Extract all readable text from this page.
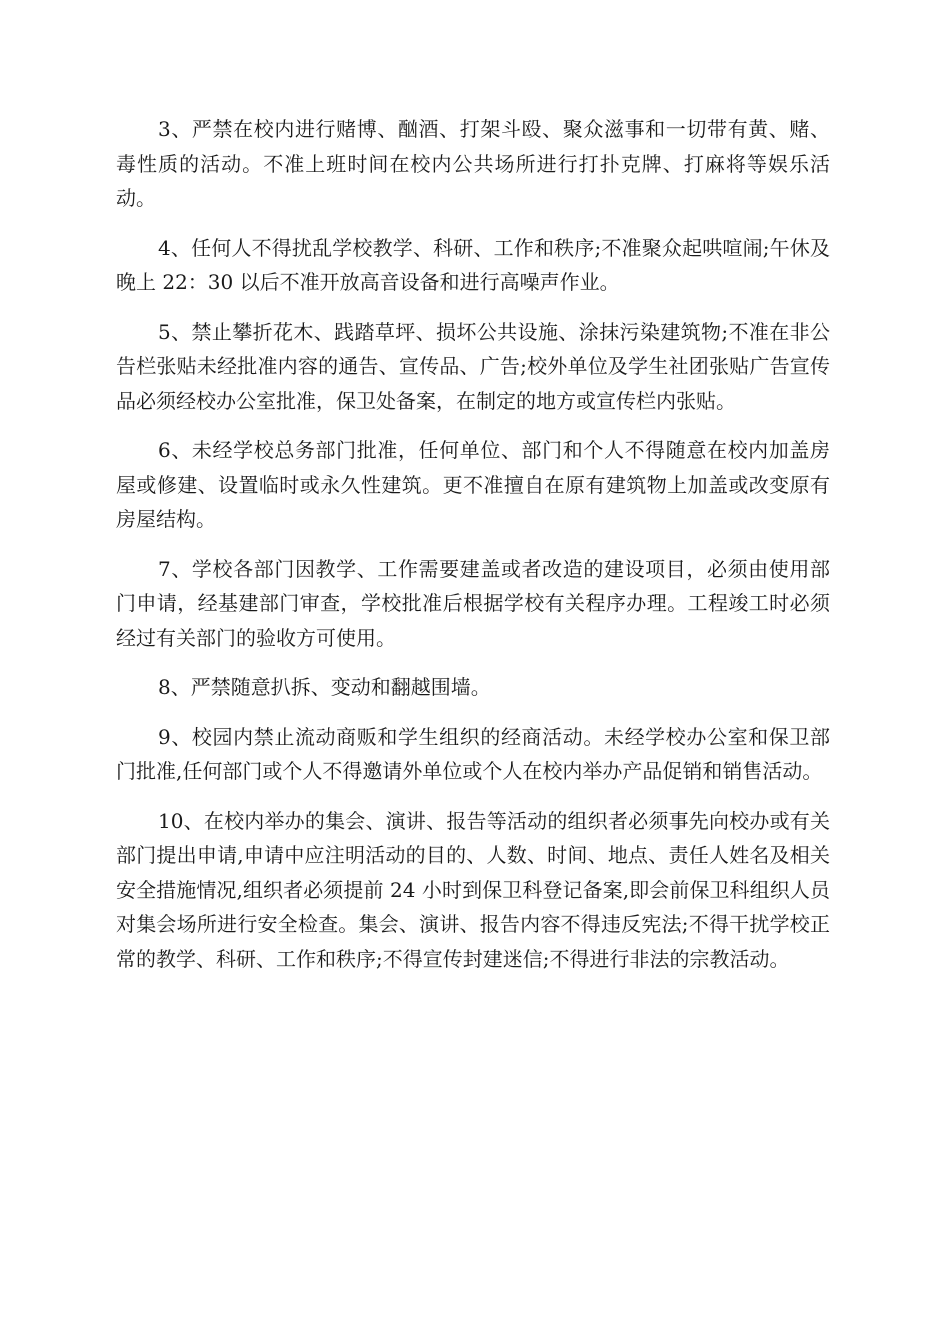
3、严禁在校内进行赌博、酗酒、打架斗殴、聚众滋事和一切带有黄、赌、毒性质的活动。不准上班时间在校内公共场所进行打扑克牌、打麻将等娱乐活动。

4、任何人不得扰乱学校教学、科研、工作和秩序;不准聚众起哄喧闹;午休及晚上 22：30 以后不准开放高音设备和进行高噪声作业。

5、禁止攀折花木、践踏草坪、损坏公共设施、涂抹污染建筑物;不准在非公告栏张贴未经批准内容的通告、宣传品、广告;校外单位及学生社团张贴广告宣传品必须经校办公室批准，保卫处备案，在制定的地方或宣传栏内张贴。

6、未经学校总务部门批准，任何单位、部门和个人不得随意在校内加盖房屋或修建、设置临时或永久性建筑。更不准擅自在原有建筑物上加盖或改变原有房屋结构。

7、学校各部门因教学、工作需要建盖或者改造的建设项目，必须由使用部门申请，经基建部门审查，学校批准后根据学校有关程序办理。工程竣工时必须经过有关部门的验收方可使用。

8、严禁随意扒拆、变动和翻越围墙。

9、校园内禁止流动商贩和学生组织的经商活动。未经学校办公室和保卫部门批准,任何部门或个人不得邀请外单位或个人在校内举办产品促销和销售活动。

10、在校内举办的集会、演讲、报告等活动的组织者必须事先向校办或有关部门提出申请,申请中应注明活动的目的、人数、时间、地点、责任人姓名及相关安全措施情况,组织者必须提前 24 小时到保卫科登记备案,即会前保卫科组织人员对集会场所进行安全检查。集会、演讲、报告内容不得违反宪法;不得干扰学校正常的教学、科研、工作和秩序;不得宣传封建迷信;不得进行非法的宗教活动。
